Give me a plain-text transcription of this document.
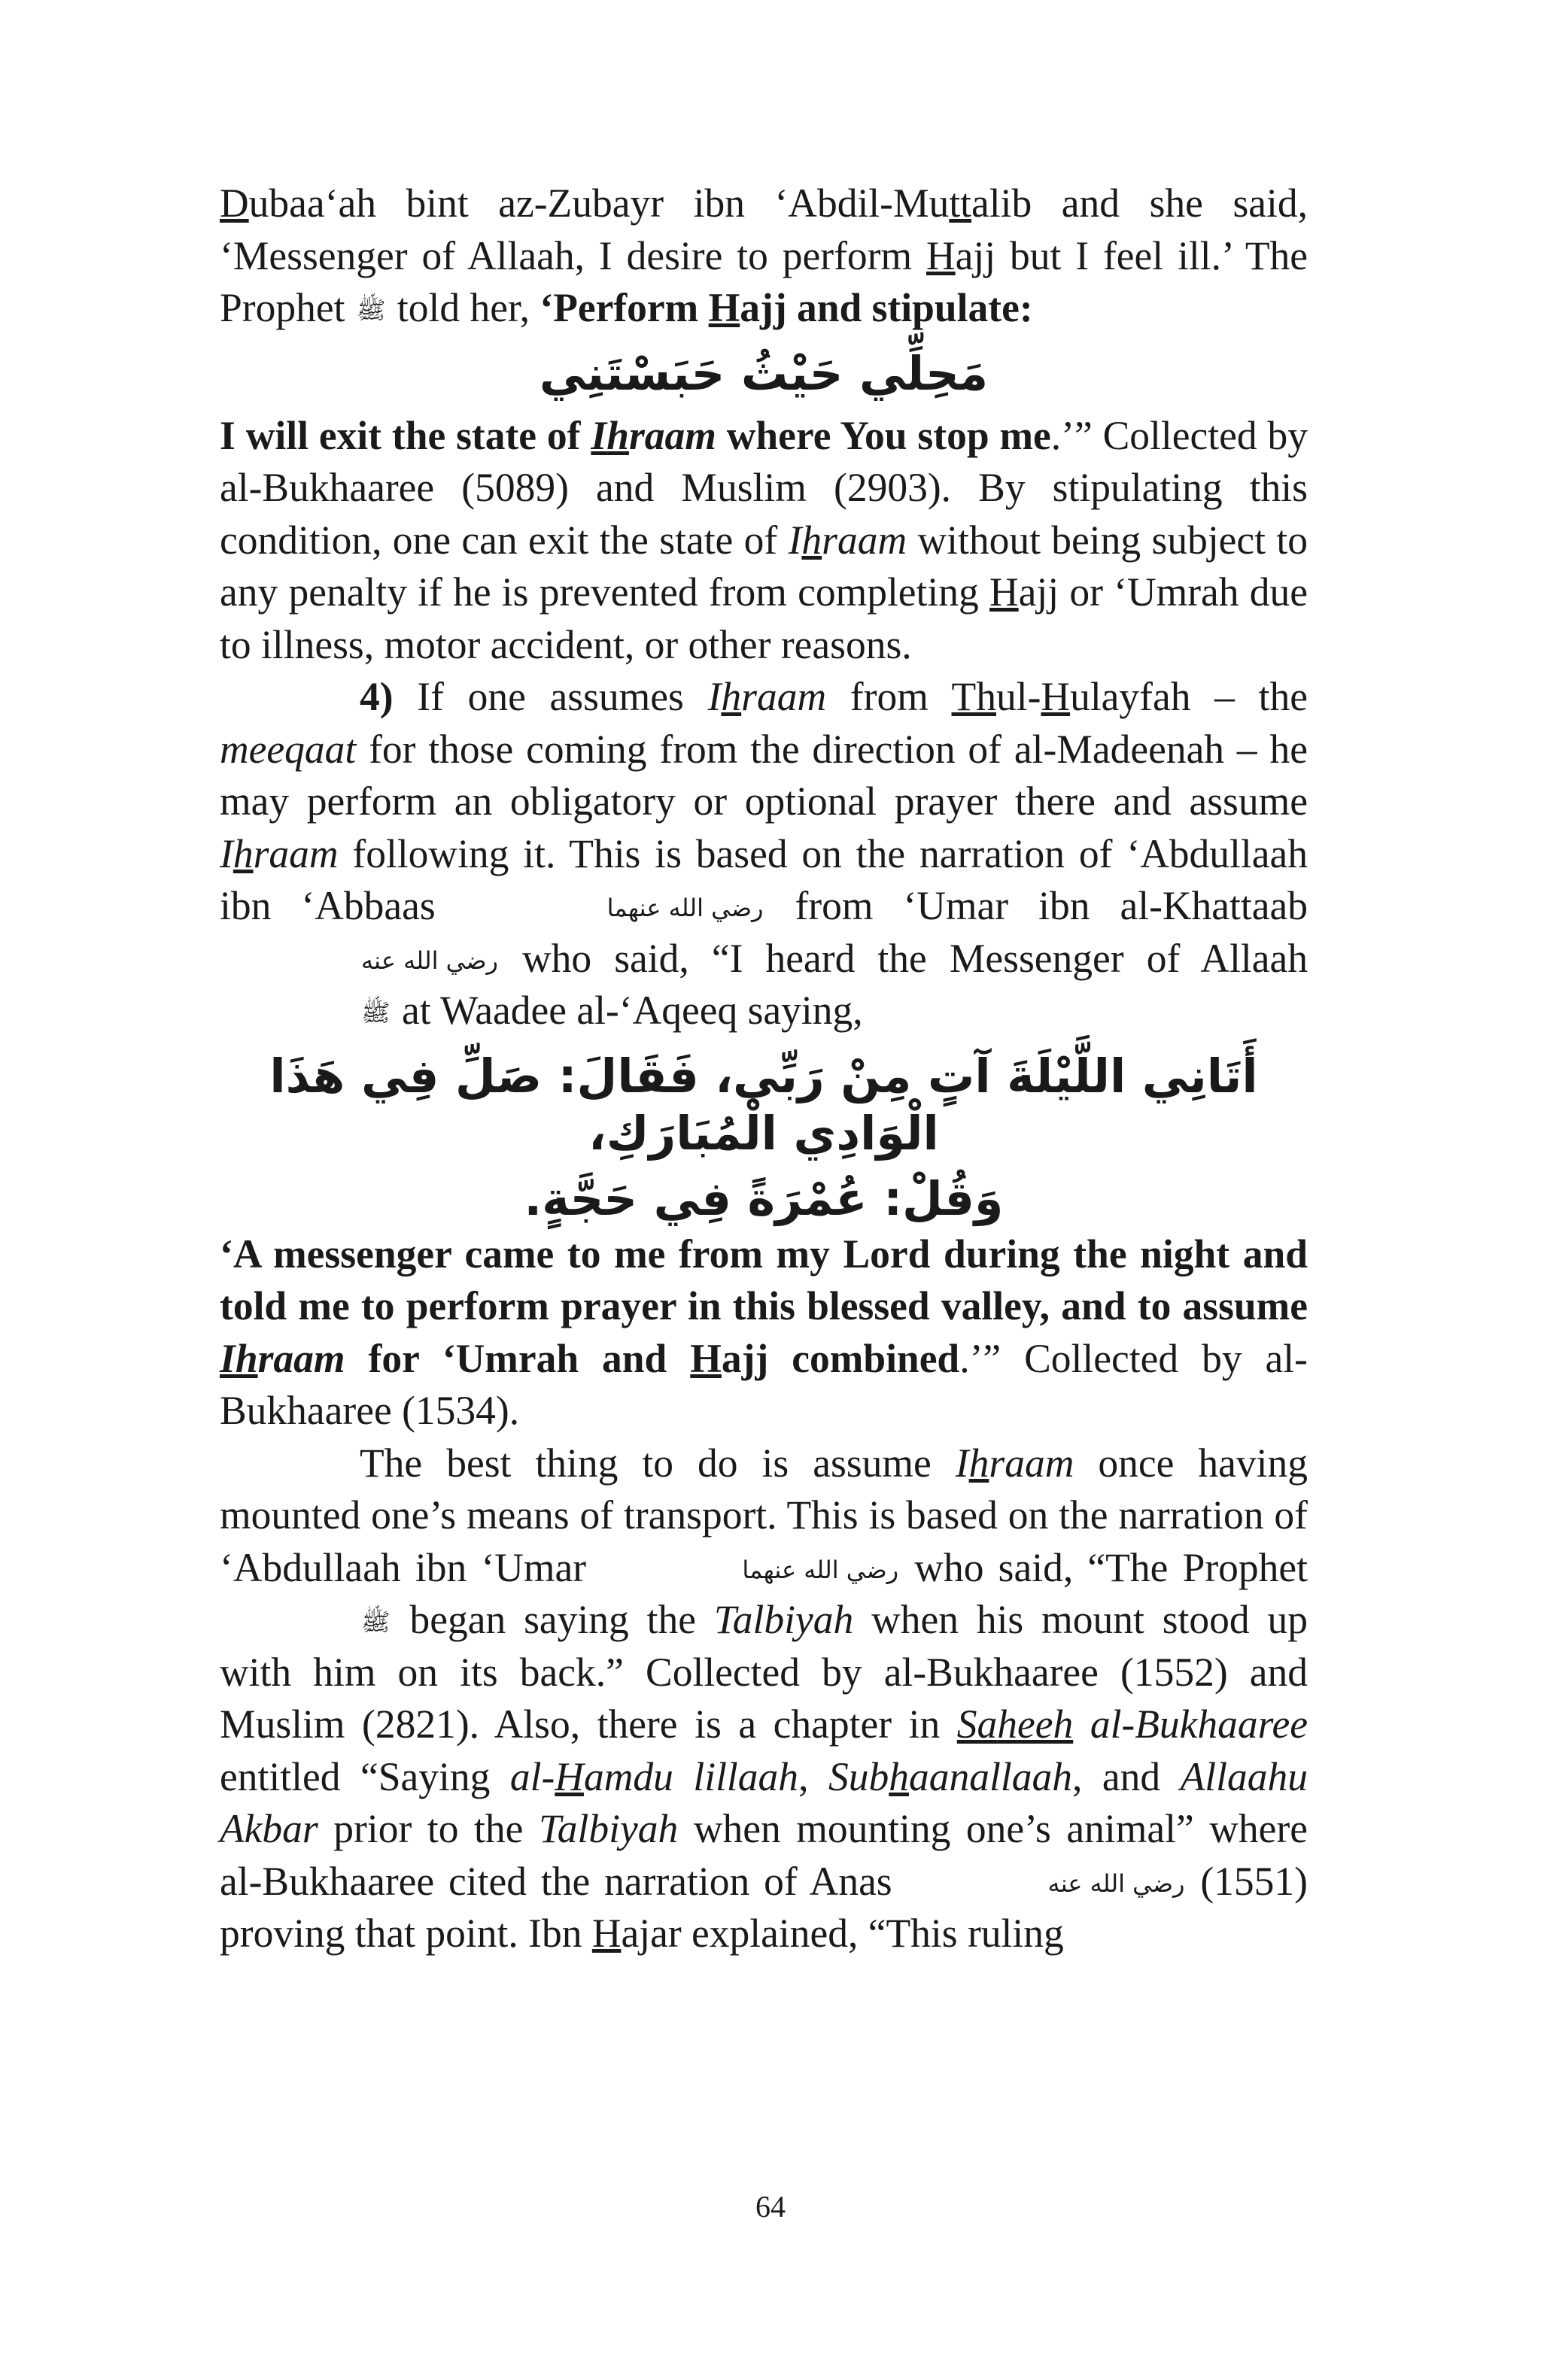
Dubaa‘ah bint az-Zubayr ibn ‘Abdil-Muttalib and she said, ‘Messenger of Allaah, I desire to perform Hajj but I feel ill.’ The Prophet ﷺ told her, ‘Perform Hajj and stipulate:

مَحِلِّي حَيْثُ حَبَسْتَنِي

I will exit the state of Ihraam where You stop me.’” Collected by al-Bukhaaree (5089) and Muslim (2903). By stipulating this condition, one can exit the state of Ihraam without being subject to any penalty if he is prevented from completing Hajj or ‘Umrah due to illness, motor accident, or other reasons.

4) If one assumes Ihraam from Thul-Hulayfah – the meeqaat for those coming from the direction of al-Madeenah – he may perform an obligatory or optional prayer there and assume Ihraam following it. This is based on the narration of ‘Abdullaah ibn ‘Abbaas	رضي الله عنهما from ‘Umar ibn al-Khattaab رضي الله عنه who said, “I heard the Messenger of Allaah ﷺ at Waadee al-‘Aqeeq saying,

أَتَانِي اللَّيْلَةَ آتٍ مِنْ رَبِّي، فَقَالَ: صَلِّ فِي هَذَا الْوَادِي الْمُبَارَكِ،
وَقُلْ: عُمْرَةً فِي حَجَّةٍ.

‘A messenger came to me from my Lord during the night and told me to perform prayer in this blessed valley, and to assume Ihraam for ‘Umrah and Hajj combined.’” Collected by al-Bukhaaree (1534).

The best thing to do is assume Ihraam once having mounted one’s means of transport. This is based on the narration of ‘Abdullaah ibn ‘Umar	رضي الله عنهما who said, “The Prophet ﷺ began saying the Talbiyah when his mount stood up with him on its back.” Collected by al-Bukhaaree (1552) and Muslim (2821). Also, there is a chapter in Saheeh al-Bukhaaree entitled “Saying al-Hamdu lillaah, Subhaanallaah, and Allaahu Akbar prior to the Talbiyah when mounting one’s animal” where al-Bukhaaree cited the narration of Anas	رضي الله عنه (1551) proving that point. Ibn Hajar explained, “This ruling

64
